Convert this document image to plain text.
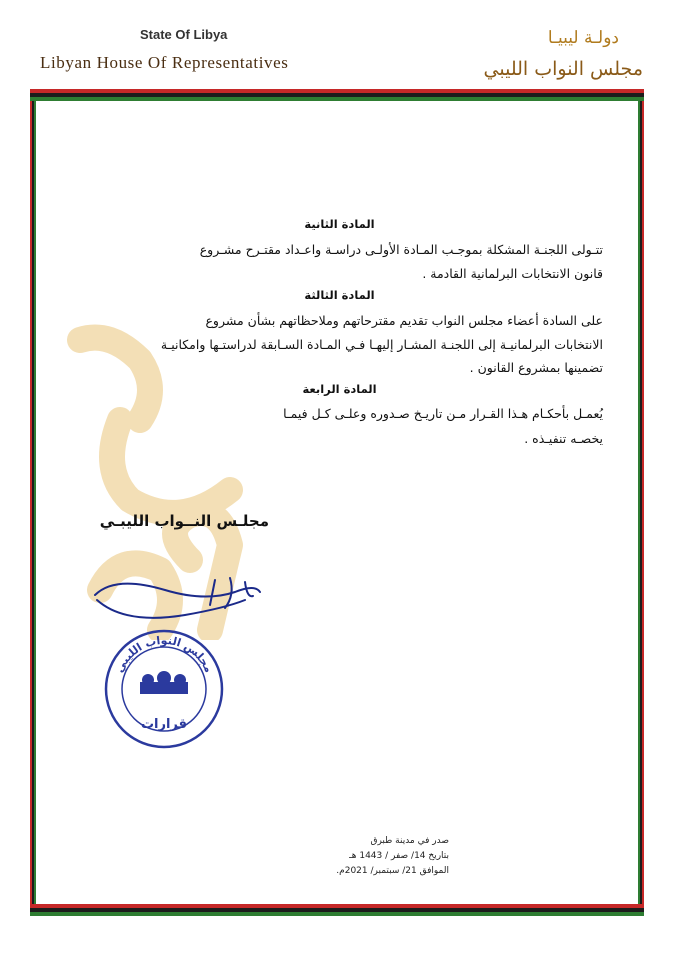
State Of Libya
Libyan House Of Representatives
دولـة ليبيـا
مجلس النواب الليبي
المادة الثانية
تتـولى اللجنـة المشكلة بموجـب المـادة الأولـى دراسـة واعـداد مقتـرح مشـروع
قانون الانتخابات البرلمانية القادمة .
المادة الثالثة
على السادة أعضاء مجلس النواب تقديم مقترحاتهم وملاحظاتهم بشأن مشروع
الانتخابات البرلمانيـة إلى اللجنـة المشـار إليهـا فـي المـادة السـابقة لدراستـها وامكانيـة
تضمينها بمشروع القانون .
المادة الرابعة
يُعمـل بأحكـام هـذا القـرار مـن تاريـخ صـدوره وعلـى كـل فيمـا
يخصـه تنفيـذه .
مجلـس النــواب الليبـي
مجلس النواب الليبي
قرارات
صدر في مدينة طبرق
بتاريخ 14/ صفر / 1443 هـ
الموافق 21/ سبتمبر/ 2021م.
